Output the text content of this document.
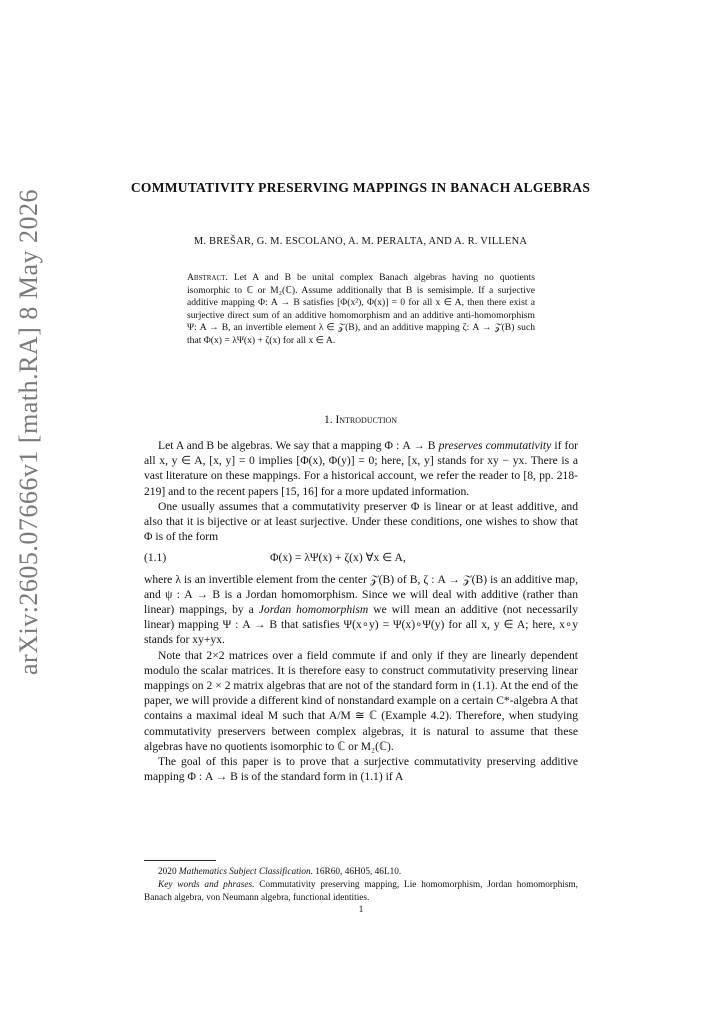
arXiv:2605.07666v1 [math.RA] 8 May 2026
COMMUTATIVITY PRESERVING MAPPINGS IN BANACH ALGEBRAS
M. BREŠAR, G. M. ESCOLANO, A. M. PERALTA, AND A. R. VILLENA
Abstract. Let A and B be unital complex Banach algebras having no quotients isomorphic to ℂ or M₂(ℂ). Assume additionally that B is semisimple. If a surjective additive mapping Φ: A → B satisfies [Φ(x²), Φ(x)] = 0 for all x ∈ A, then there exist a surjective direct sum of an additive homomorphism and an additive anti-homomorphism Ψ: A → B, an invertible element λ ∈ 𝒵(B), and an additive mapping ζ: A → 𝒵(B) such that Φ(x) = λΨ(x) + ζ(x) for all x ∈ A.
1. Introduction

Let A and B be algebras. We say that a mapping Φ : A → B preserves commutativity if for all x, y ∈ A, [x, y] = 0 implies [Φ(x), Φ(y)] = 0; here, [x, y] stands for xy − yx. There is a vast literature on these mappings. For a historical account, we refer the reader to [8, pp. 218-219] and to the recent papers [15, 16] for a more updated information.

One usually assumes that a commutativity preserver Φ is linear or at least additive, and also that it is bijective or at least surjective. Under these conditions, one wishes to show that Φ is of the form

(1.1)	Φ(x) = λΨ(x) + ζ(x) ∀x ∈ A,

where λ is an invertible element from the center 𝒵(B) of B, ζ : A → 𝒵(B) is an additive map, and ψ : A → B is a Jordan homomorphism. Since we will deal with additive (rather than linear) mappings, by a Jordan homomorphism we will mean an additive (not necessarily linear) mapping Ψ : A → B that satisfies Ψ(x∘y) = Ψ(x)∘Ψ(y) for all x, y ∈ A; here, x∘y stands for xy+yx.

Note that 2×2 matrices over a field commute if and only if they are linearly dependent modulo the scalar matrices. It is therefore easy to construct commutativity preserving linear mappings on 2 × 2 matrix algebras that are not of the standard form in (1.1). At the end of the paper, we will provide a different kind of nonstandard example on a certain C*-algebra A that contains a maximal ideal M such that A/M ≅ ℂ (Example 4.2). Therefore, when studying commutativity preservers between complex algebras, it is natural to assume that these algebras have no quotients isomorphic to ℂ or M₂(ℂ).

The goal of this paper is to prove that a surjective commutativity preserving additive mapping Φ : A → B is of the standard form in (1.1) if A

2020 Mathematics Subject Classification. 16R60, 46H05, 46L10.

Key words and phrases. Commutativity preserving mapping, Lie homomorphism, Jordan homomorphism, Banach algebra, von Neumann algebra, functional identities.

1
